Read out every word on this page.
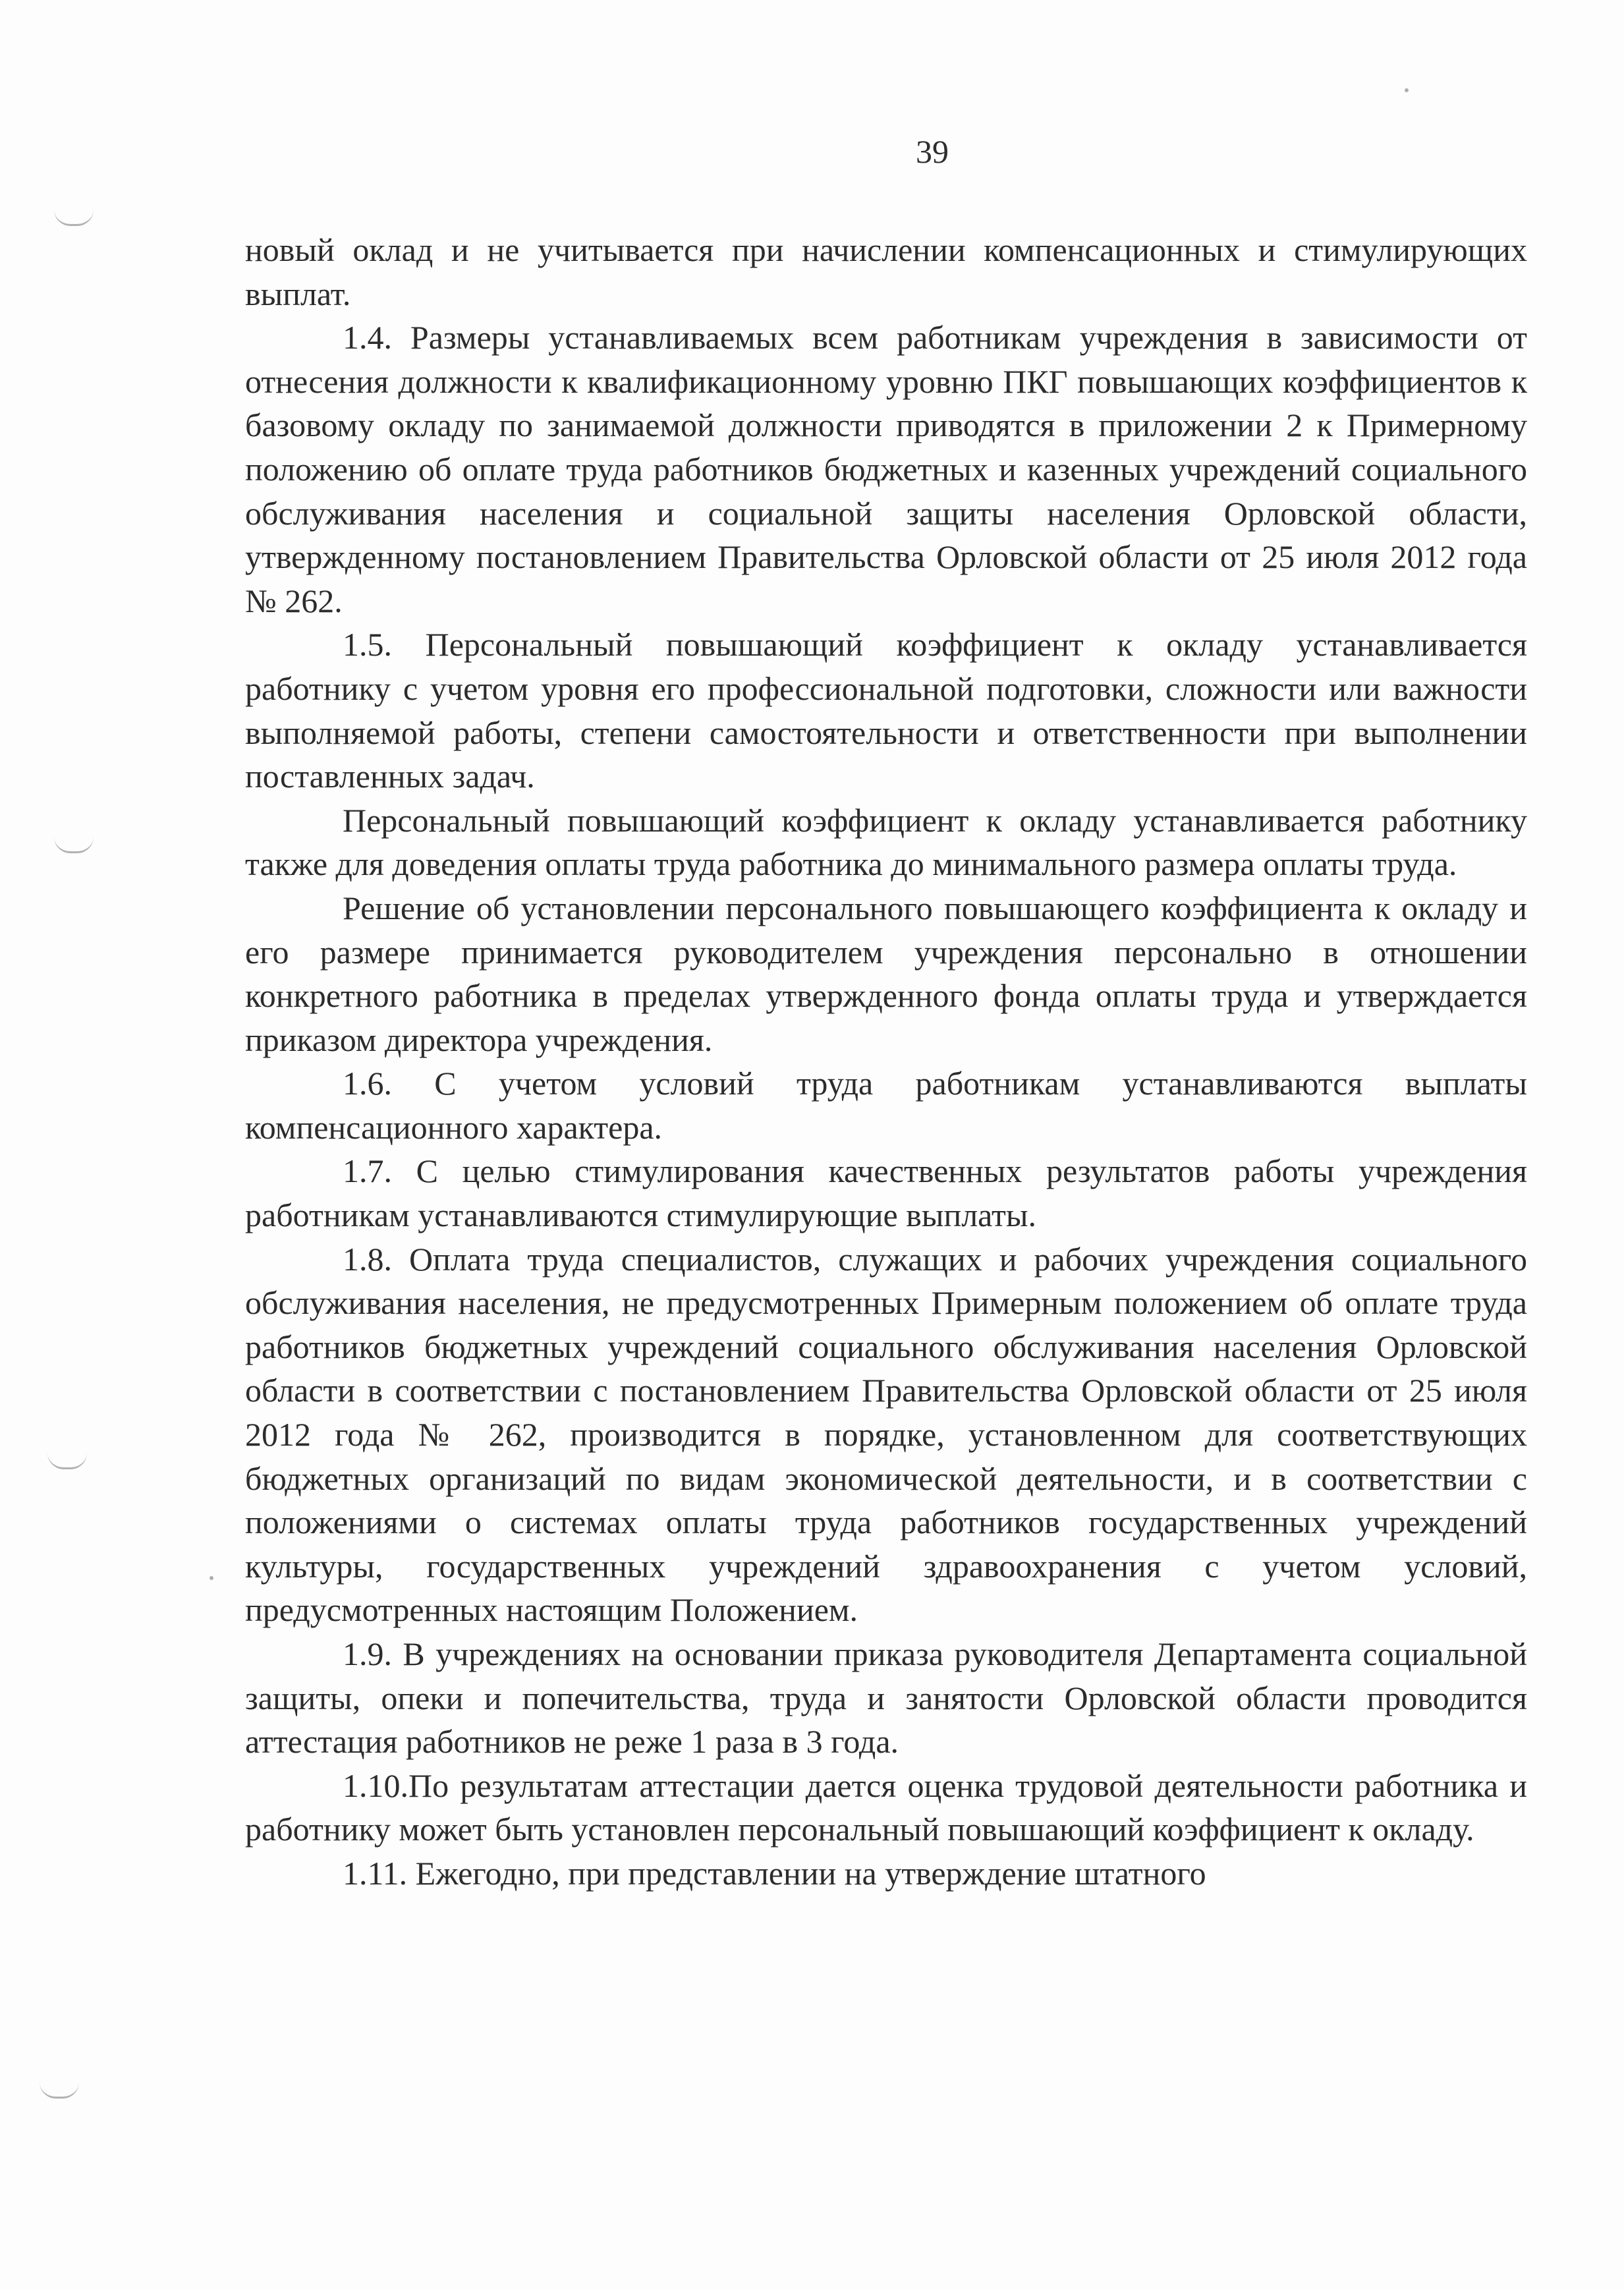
39

новый оклад и не учитывается при начислении компенсационных и стимулирующих выплат.

1.4. Размеры устанавливаемых всем работникам учреждения в зависимости от отнесения должности к квалификационному уровню ПКГ повышающих коэффициентов к базовому окладу по занимаемой должности приводятся в приложении 2 к Примерному положению об оплате труда работников бюджетных и казенных учреждений социального обслуживания населения и социальной защиты населения Орловской области, утвержденному постановлением Правительства Орловской области от 25 июля 2012 года № 262.

1.5. Персональный повышающий коэффициент к окладу устанавливается работнику с учетом уровня его профессиональной подготовки, сложности или важности выполняемой работы, степени самостоятельности и ответственности при выполнении поставленных задач.

Персональный повышающий коэффициент к окладу устанавливается работнику также для доведения оплаты труда работника до минимального размера оплаты труда.

Решение об установлении персонального повышающего коэффициента к окладу и его размере принимается руководителем учреждения персонально в отношении конкретного работника в пределах утвержденного фонда оплаты труда и утверждается приказом директора учреждения.

1.6. С учетом условий труда работникам устанавливаются выплаты компенсационного характера.

1.7. С целью стимулирования качественных результатов работы учреждения работникам устанавливаются стимулирующие выплаты.

1.8. Оплата труда специалистов, служащих и рабочих учреждения социального обслуживания населения, не предусмотренных Примерным положением об оплате труда работников бюджетных учреждений социального обслуживания населения Орловской области в соответствии с постановлением Правительства Орловской области от 25 июля 2012 года № 262, производится в порядке, установленном для соответствующих бюджетных организаций по видам экономической деятельности, и в соответствии с положениями о системах оплаты труда работников государственных учреждений культуры, государственных учреждений здравоохранения с учетом условий, предусмотренных настоящим Положением.

1.9. В учреждениях на основании приказа руководителя Департамента социальной защиты, опеки и попечительства, труда и занятости Орловской области проводится аттестация работников не реже 1 раза в 3 года.

1.10.По результатам аттестации дается оценка трудовой деятельности работника и работнику может быть установлен персональный повышающий коэффициент к окладу.

1.11. Ежегодно, при представлении на утверждение штатного
